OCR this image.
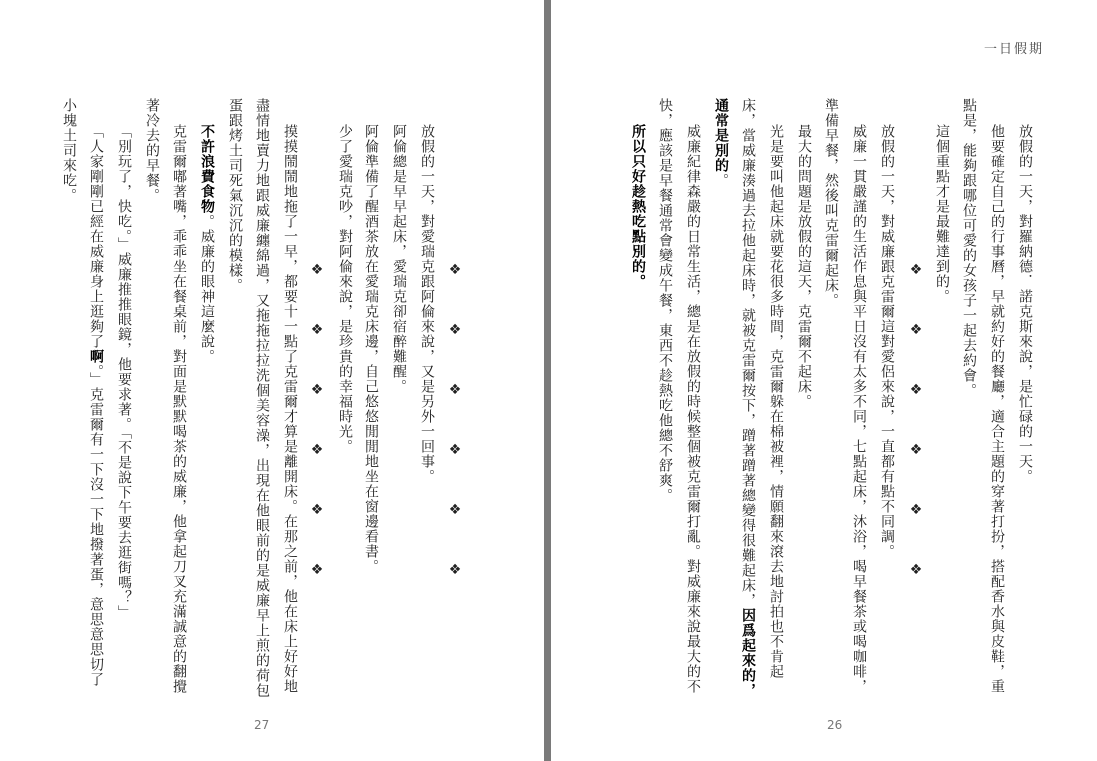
放假的一天，對愛瑞克跟阿倫來說，又是另外一回事。 ❖❖❖❖❖❖
❖❖❖❖❖❖
阿倫總是早早起床，愛瑞克卻宿醉難醒。
阿倫準備了醒酒茶放在愛瑞克床邊，自己悠悠閒閒地坐在窗邊看書。
少了愛瑞克吵，對阿倫來說，是珍貴的幸福時光。
摸摸鬧鬧地拖了一早，都要十一點了克雷爾才算是離開床。在那之前，他在床上好好地
盡情地賣力地跟威廉纏綿過，又拖拖拉拉洗個美容澡，出現在他眼前的是威廉早上煎的荷包
蛋跟烤土司死氣沉沉的模樣。
不許浪費食物。威廉的眼神這麼說。
克雷爾嘟著嘴，乖乖坐在餐桌前，對面是默默喝茶的威廉，他拿起刀叉充滿誠意的翻攪
著冷去的早餐。
「別玩了，快吃。」威廉推推眼鏡，他要求著。「不是說下午要去逛街嗎？」
「人家剛剛已經在威廉身上逛夠了啊。」克雷爾有一下沒一下地撥著蛋，意思意思切了
小塊土司來吃。
27
一日假期
放假的一天，對羅納德．諾克斯來說，是忙碌的一天。
他要確定自己的行事曆，早就約好的餐廳，適合主題的穿著打扮，搭配香水與皮鞋，重
點是，能夠跟哪位可愛的女孩子一起去約會。
這個重點才是最難達到的。
❖❖❖❖❖❖
放假的一天，對威廉跟克雷爾這對愛侶來說，一直都有點不同調。
威廉一貫嚴謹的生活作息與平日沒有太多不同，七點起床，沐浴，喝早餐茶或喝咖啡，
準備早餐，然後叫克雷爾起床。
最大的問題是放假的這天，克雷爾不起床。
光是要叫他起床就要花很多時間，克雷爾躲在棉被裡，情願翻來滾去地討拍也不肯起
床，當威廉湊過去拉他起床時，就被克雷爾按下，蹭著蹭著總變得很難起床，因爲起來的，
通常是別的。
威廉紀律森嚴的日常生活，總是在放假的時候整個被克雷爾打亂。對威廉來說最大的不
快，應該是早餐通常會變成午餐，東西不趁熱吃他總不舒爽。
所以只好趁熱吃點別的。
26
